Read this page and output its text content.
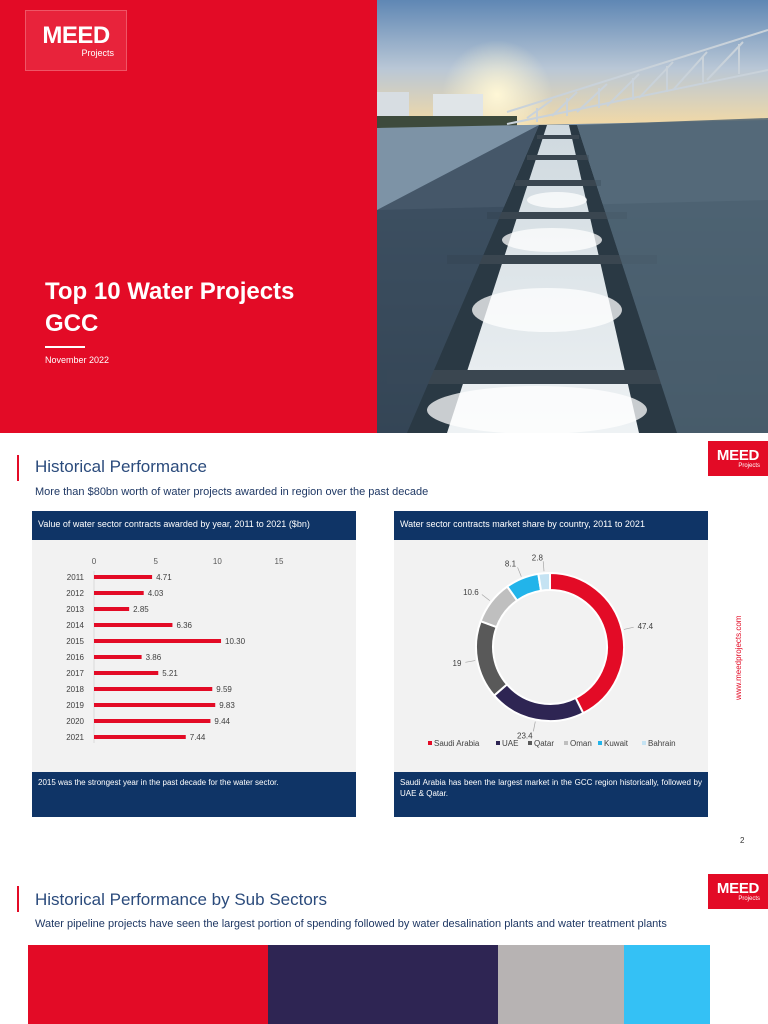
MEED
Projects
Top 10 Water Projects
GCC
November 2022
Historical Performance
More than $80bn worth of water projects awarded in region over the past decade
MEED
Projects
Value of water sector contracts awarded by year, 2011 to 2021 ($bn)
0	5	10	15
2011	4.71
2012	4.03
2013	2.85
2014	6.36
2015	10.30
2016	3.86
2017	5.21
2018	9.59
2019	9.83
2020	9.44
2021	7.44
2015 was the strongest year in the past decade for the water sector.
Water sector contracts market share by country, 2011 to 2021
47.4
23.4
19
10.6
8.1
2.8
Saudi Arabia	UAE Qatar Oman Kuwait Bahrain
Saudi Arabia has been the largest market in the GCC region historically, followed by UAE & Qatar.
www.meedprojects.com
2
Historical Performance by Sub Sectors
Water pipeline projects have seen the largest portion of spending followed by water desalination plants and water treatment plants
MEED
Projects
